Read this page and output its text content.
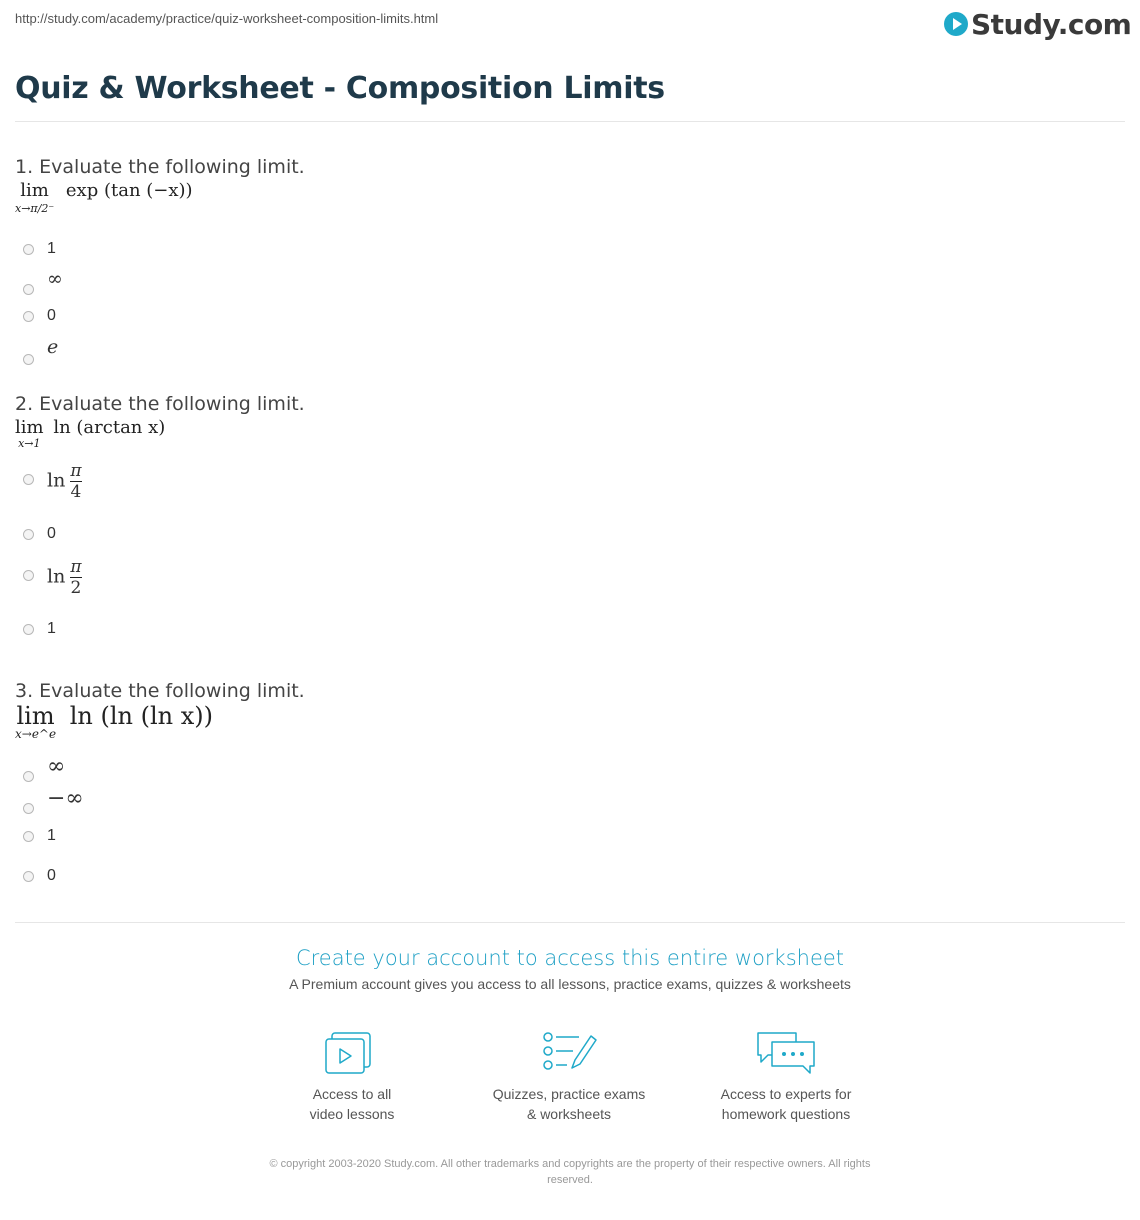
http://study.com/academy/practice/quiz-worksheet-composition-limits.html	Study.com
Quiz & Worksheet - Composition Limits
1. Evaluate the following limit.
lim
x→π/2⁻
exp (tan (−x))
1
∞
0
e
2. Evaluate the following limit.
lim
x→1
ln (arctan x)
$\ln \frac{\pi}{4}$
0
$\ln \frac{\pi}{2}$
1
3. Evaluate the following limit.
lim
x→e^e
ln (ln (ln x))
∞
−∞
1
0
Create your account to access this entire worksheet
A Premium account gives you access to all lessons, practice exams, quizzes & worksheets
Access to all
video lessons
Quizzes, practice exams
& worksheets
Access to experts for
homework questions
© copyright 2003-2020 Study.com. All other trademarks and copyrights are the property of their respective owners. All rights
reserved.
